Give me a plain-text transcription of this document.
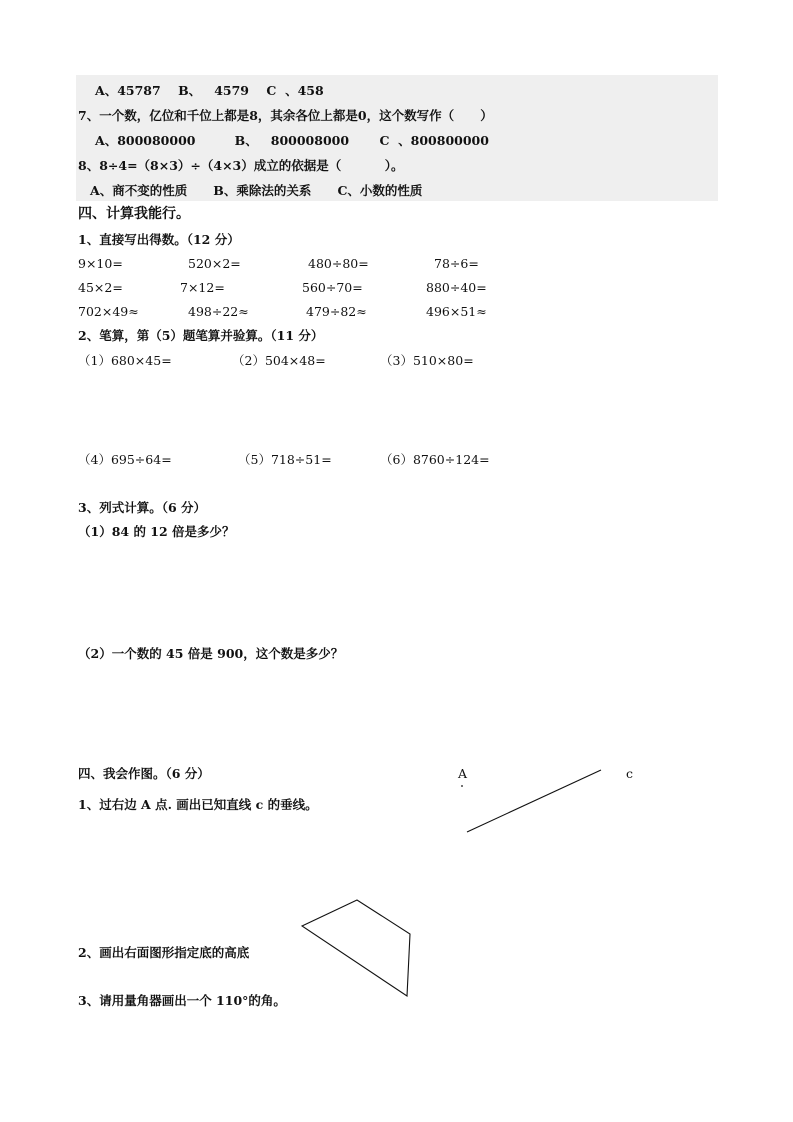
A、45787    B、   4579    C  、458
7、一个数，亿位和千位上都是8，其余各位上都是0，这个数写作（      ）
A、800080000         B、   800008000       C  、800800000
8、8÷4=（8×3）÷（4×3）成立的依据是（          ）。
A、商不变的性质      B、乘除法的关系      C、小数的性质
四、计算我能行。
1、直接写出得数。（12 分）
9×10=	520×2=	480÷80=	78÷6=
45×2=	7×12=	560÷70=	880÷40=
702×49≈	498÷22≈	479÷82≈	496×51≈
2、笔算，第（5）题笔算并验算。（11 分）
（1）680×45=	（2）504×48=	（3）510×80=
（4）695÷64=	（5）718÷51=	（6）8760÷124=
3、列式计算。（6 分）
（1）84 的 12 倍是多少？
（2）一个数的 45 倍是 900，这个数是多少？
四、我会作图。（6 分）	A	c
1、过右边 A 点. 画出已知直线 c 的垂线。
2、画出右面图形指定底的高底
3、请用量角器画出一个 110°的角。
